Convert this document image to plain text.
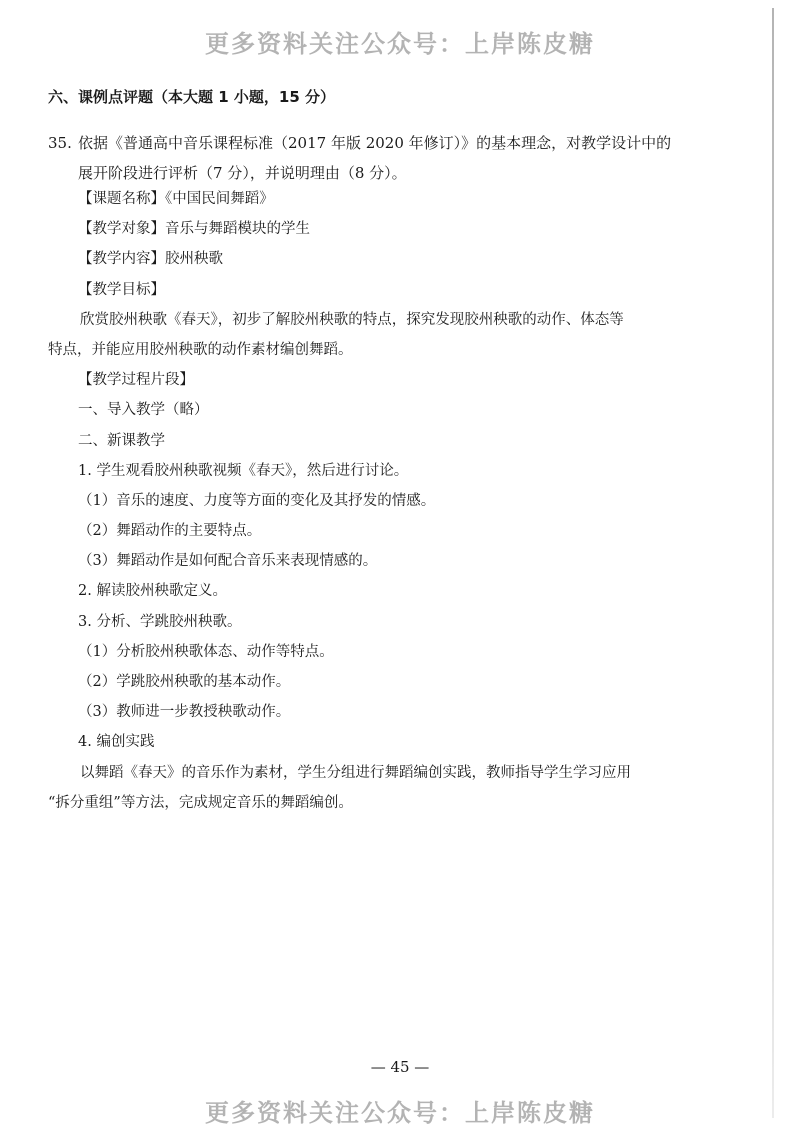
更多资料关注公众号：上岸陈皮糖
六、课例点评题（本大题 1 小题，15 分）
35. 依据《普通高中音乐课程标准（2017 年版 2020 年修订）》的基本理念，对教学设计中的
展开阶段进行评析（7 分），并说明理由（8 分）。
【课题名称】《中国民间舞蹈》
【教学对象】音乐与舞蹈模块的学生
【教学内容】胶州秧歌
【教学目标】
欣赏胶州秧歌《春天》，初步了解胶州秧歌的特点，探究发现胶州秧歌的动作、体态等
特点，并能应用胶州秧歌的动作素材编创舞蹈。
【教学过程片段】
一、导入教学（略）
二、新课教学
1. 学生观看胶州秧歌视频《春天》，然后进行讨论。
（1）音乐的速度、力度等方面的变化及其抒发的情感。
（2）舞蹈动作的主要特点。
（3）舞蹈动作是如何配合音乐来表现情感的。
2. 解读胶州秧歌定义。
3. 分析、学跳胶州秧歌。
（1）分析胶州秧歌体态、动作等特点。
（2）学跳胶州秧歌的基本动作。
（3）教师进一步教授秧歌动作。
4. 编创实践
以舞蹈《春天》的音乐作为素材，学生分组进行舞蹈编创实践，教师指导学生学习应用
“拆分重组”等方法，完成规定音乐的舞蹈编创。
— 45 —
更多资料关注公众号：上岸陈皮糖
